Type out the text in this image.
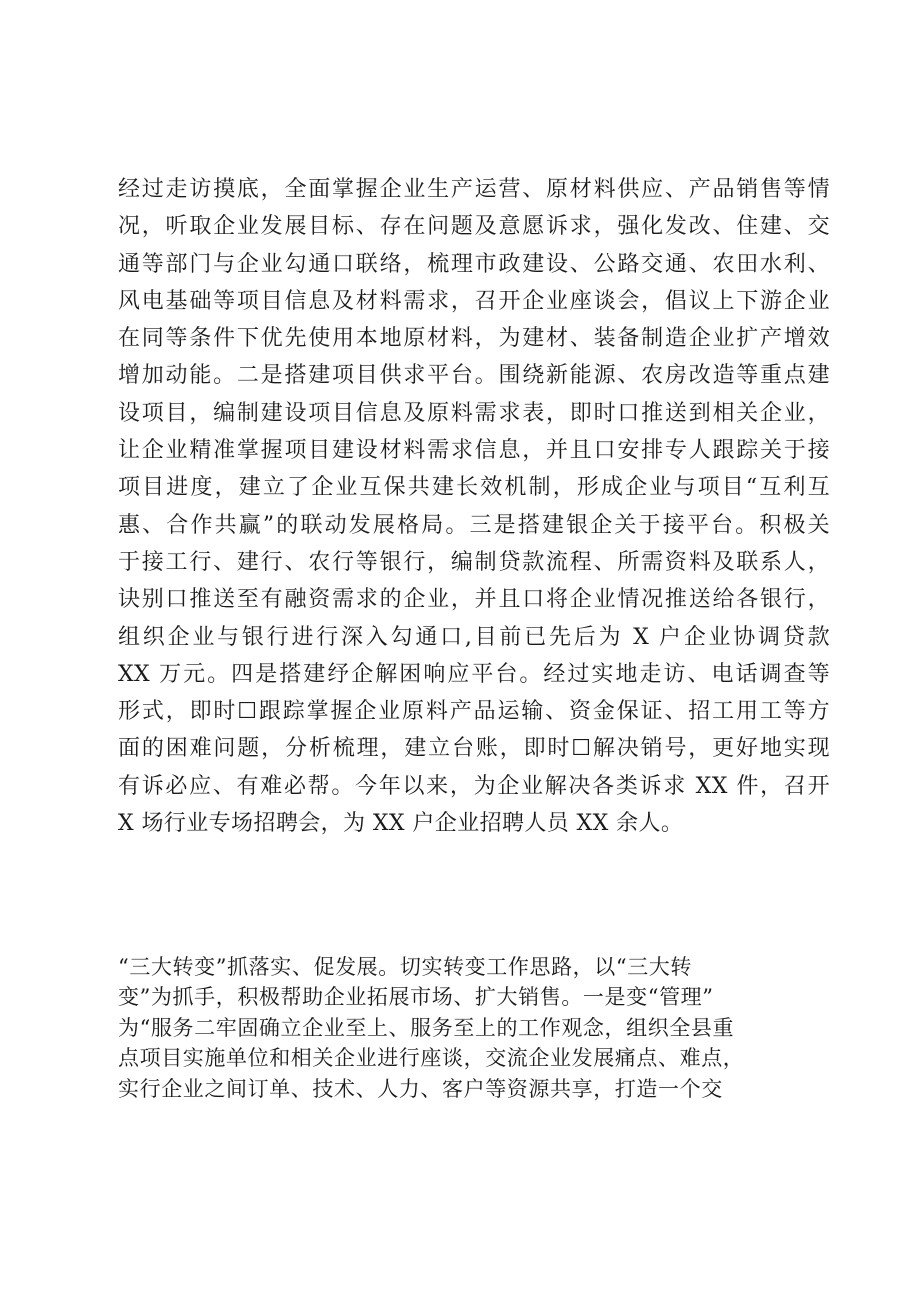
经过走访摸底，全面掌握企业生产运营、原材料供应、产品销售等情
况，听取企业发展目标、存在问题及意愿诉求，强化发改、住建、交
通等部门与企业勾通口联络，梳理市政建设、公路交通、农田水利、
风电基础等项目信息及材料需求，召开企业座谈会，倡议上下游企业
在同等条件下优先使用本地原材料，为建材、装备制造企业扩产增效
增加动能。二是搭建项目供求平台。围绕新能源、农房改造等重点建
设项目，编制建设项目信息及原料需求表，即时口推送到相关企业，
让企业精准掌握项目建设材料需求信息，并且口安排专人跟踪关于接
项目进度，建立了企业互保共建长效机制，形成企业与项目“互利互
惠、合作共赢”的联动发展格局。三是搭建银企关于接平台。积极关
于接工行、建行、农行等银行，编制贷款流程、所需资料及联系人，
诀别口推送至有融资需求的企业，并且口将企业情况推送给各银行，
组织企业与银行进行深入勾通口,目前已先后为 X 户企业协调贷款
XX 万元。四是搭建纾企解困响应平台。经过实地走访、电话调查等
形式，即时☐跟踪掌握企业原料产品运输、资金保证、招工用工等方
面的困难问题，分析梳理，建立台账，即时☐解决销号，更好地实现
有诉必应、有难必帮。今年以来，为企业解决各类诉求 XX 件，召开
X 场行业专场招聘会，为 XX 户企业招聘人员 XX 余人。
“三大转变”抓落实、促发展。切实转变工作思路，以“三大转
变”为抓手，积极帮助企业拓展市场、扩大销售。一是变“管理”
为“服务二牢固确立企业至上、服务至上的工作观念，组织全县重
点项目实施单位和相关企业进行座谈，交流企业发展痛点、难点，
实行企业之间订单、技术、人力、客户等资源共享，打造一个交
